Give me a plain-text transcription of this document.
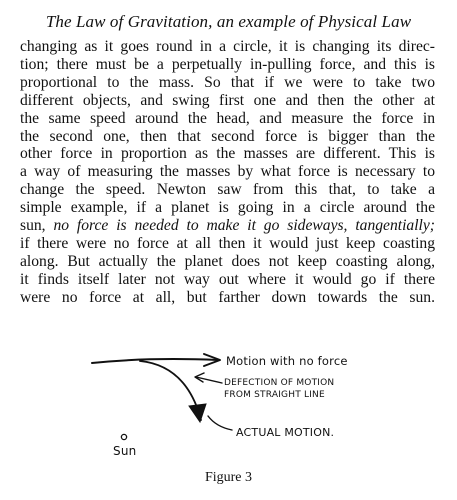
The Law of Gravitation, an example of Physical Law
changing as it goes round in a circle, it is changing its direc-
tion; there must be a perpetually in-pulling force, and this is
proportional to the mass. So that if we were to take two
different objects, and swing first one and then the other at
the same speed around the head, and measure the force in
the second one, then that second force is bigger than the
other force in proportion as the masses are different. This is
a way of measuring the masses by what force is necessary to
change the speed. Newton saw from this that, to take a
simple example, if a planet is going in a circle around the
sun, no force is needed to make it go sideways, tangentially;
if there were no force at all then it would just keep coasting
along. But actually the planet does not keep coasting along,
it finds itself later not way out where it would go if there
were no force at all, but farther down towards the sun.
Motion with no force
DEFECTION OF MOTION
FROM STRAIGHT LINE
ACTUAL MOTION.
Sun
Figure 3
